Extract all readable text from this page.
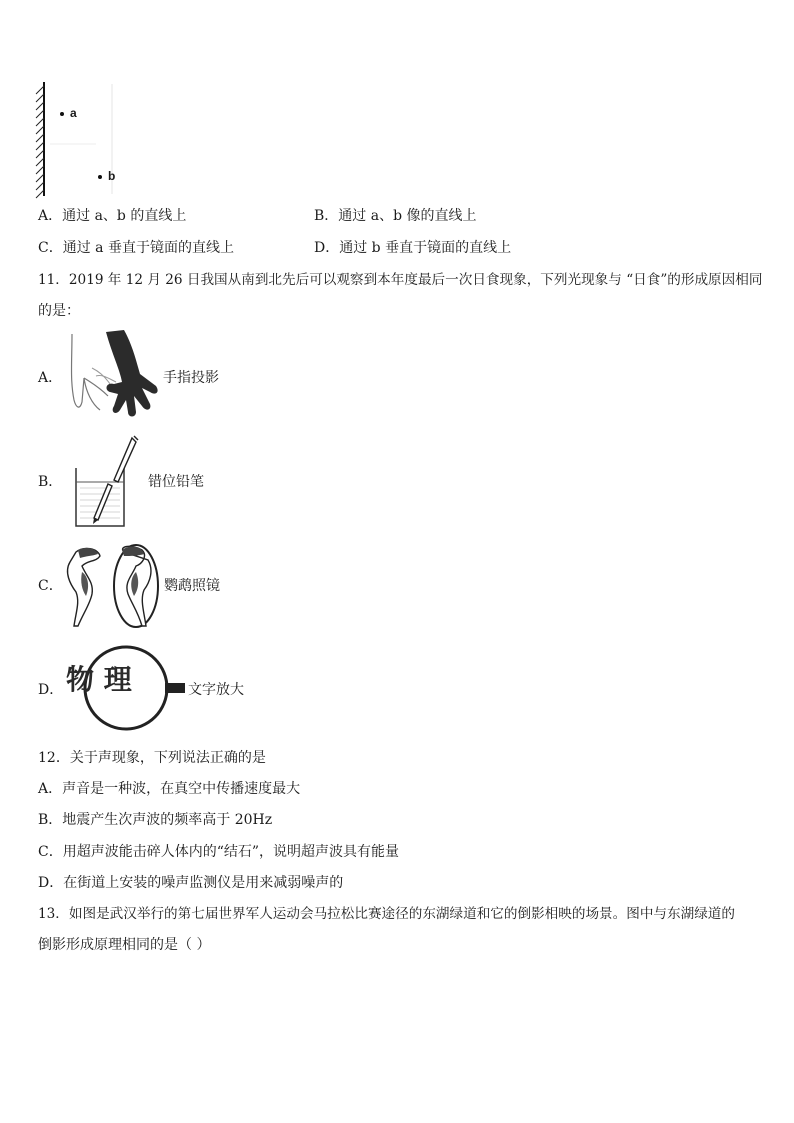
a
b
A．通过 a、b 的直线上	B．通过 a、b 像的直线上
C．通过 a 垂直于镜面的直线上	D．通过 b 垂直于镜面的直线上
11．2019 年 12 月 26 日我国从南到北先后可以观察到本年度最后一次日食现象，下列光现象与 “日食”的形成原因相同
的是：
A．	手指投影
B．	错位铅笔
C．	鹦鹉照镜
D． 物 理	文字放大
12．关于声现象，下列说法正确的是
A．声音是一种波，在真空中传播速度最大
B．地震产生次声波的频率高于 20Hz
C．用超声波能击碎人体内的“结石”，说明超声波具有能量
D．在街道上安装的噪声监测仪是用来减弱噪声的
13．如图是武汉举行的第七届世界军人运动会马拉松比赛途径的东湖绿道和它的倒影相映的场景。图中与东湖绿道的
倒影形成原理相同的是（ ）
